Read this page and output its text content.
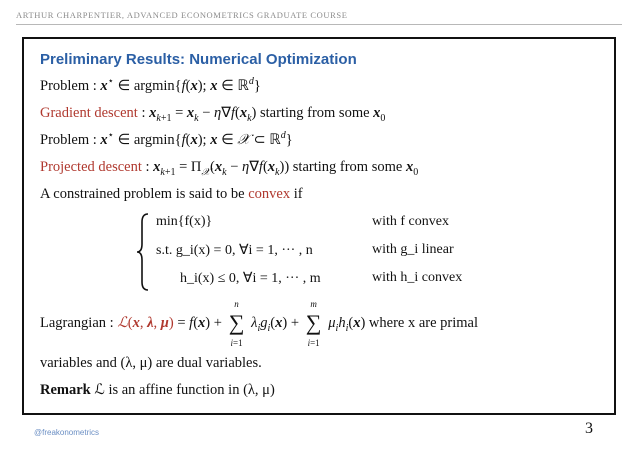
ARTHUR CHARPENTIER, ADVANCED ECONOMETRICS GRADUATE COURSE
Preliminary Results: Numerical Optimization
Problem : x⋆ ∈ argmin{f(x); x ∈ ℝ$^d$}
Gradient descent : $x_{k+1} = x_k - \eta\nabla f(x_k)$ starting from some $x_0$
Problem : x⋆ ∈ argmin{f(x); x ∈ 𝒳 ⊂ ℝ$^d$}
Projected descent : $x_{k+1} = \Pi_𝒳(x_k - \eta\nabla f(x_k))$ starting from some $x_0$
A constrained problem is said to be convex if
min{f(x)}
s.t. g_i(x) = 0, ∀i = 1, ··· , n
h_i(x) ≤ 0, ∀i = 1, ··· , m
with f convex
with g_i linear
with h_i convex
Lagrangian : ℒ(x, λ, μ) = f(x) +
n
∑
i=1
$\lambda_ig_i(x)$ +
m
∑
i=1
$\mu_ih_i(x)$ where x are primal
variables and (λ, μ) are dual variables.
Remark ℒ is an affine function in (λ, μ)
@freakonometrics	3
